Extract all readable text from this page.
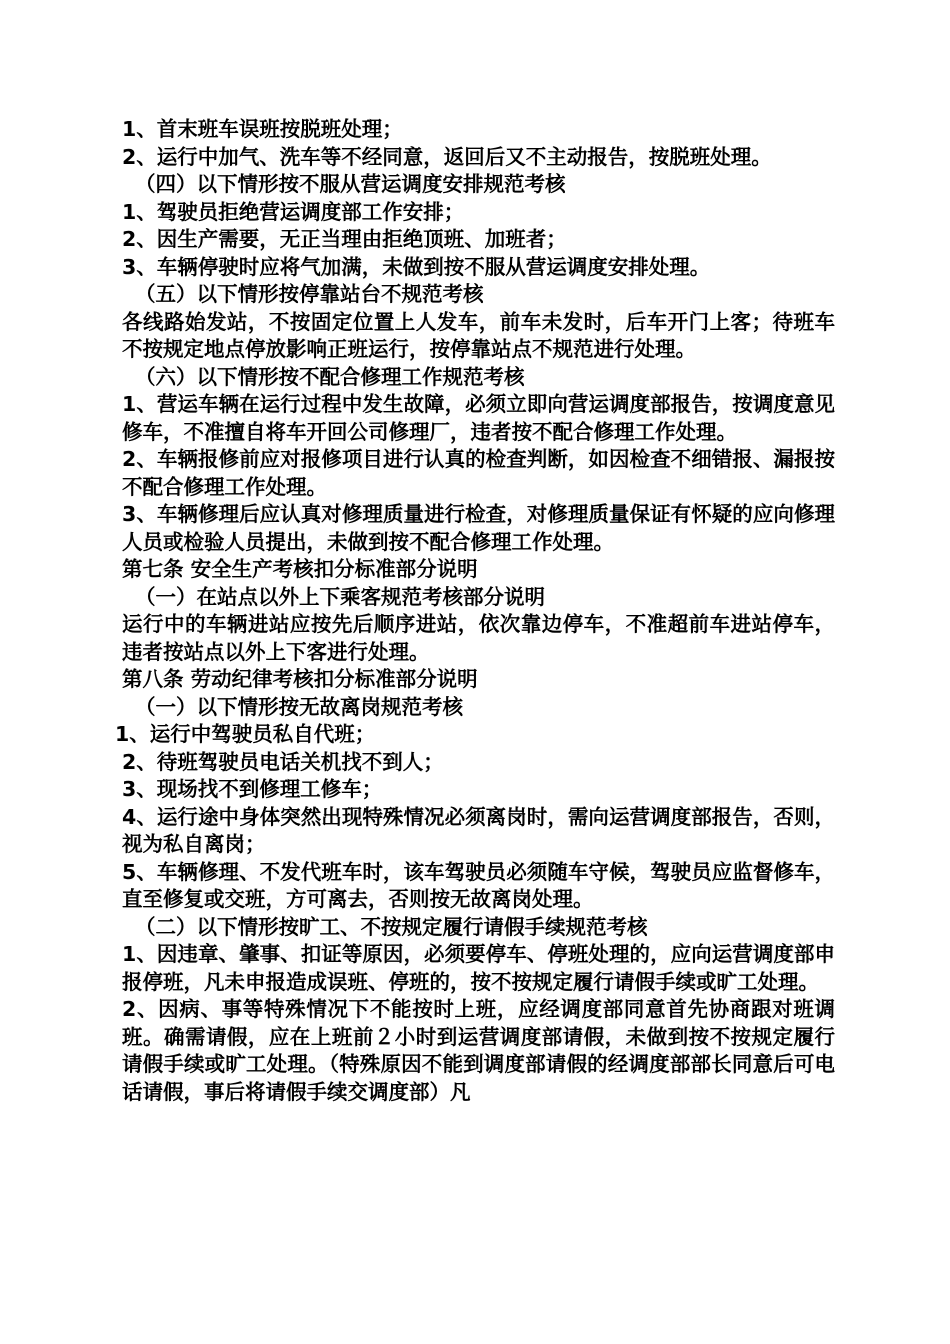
1、首末班车误班按脱班处理；

2、运行中加气、洗车等不经同意，返回后又不主动报告，按脱班处理。

（四）以下情形按不服从营运调度安排规范考核

1、驾驶员拒绝营运调度部工作安排；

2、因生产需要，无正当理由拒绝顶班、加班者；

3、车辆停驶时应将气加满，未做到按不服从营运调度安排处理。

（五）以下情形按停靠站台不规范考核

各线路始发站，不按固定位置上人发车，前车未发时，后车开门上客；待班车不按规定地点停放影响正班运行，按停靠站点不规范进行处理。

（六）以下情形按不配合修理工作规范考核

1、营运车辆在运行过程中发生故障，必须立即向营运调度部报告，按调度意见修车，不准擅自将车开回公司修理厂，违者按不配合修理工作处理。

2、车辆报修前应对报修项目进行认真的检查判断，如因检查不细错报、漏报按不配合修理工作处理。

3、车辆修理后应认真对修理质量进行检查，对修理质量保证有怀疑的应向修理人员或检验人员提出，未做到按不配合修理工作处理。

第七条 安全生产考核扣分标准部分说明

（一）在站点以外上下乘客规范考核部分说明

运行中的车辆进站应按先后顺序进站，依次靠边停车，不准超前车进站停车，违者按站点以外上下客进行处理。

第八条 劳动纪律考核扣分标准部分说明

（一）以下情形按无故离岗规范考核

1、运行中驾驶员私自代班；

2、待班驾驶员电话关机找不到人；

3、现场找不到修理工修车；

4、运行途中身体突然出现特殊情况必须离岗时，需向运营调度部报告，否则，视为私自离岗；

5、车辆修理、不发代班车时，该车驾驶员必须随车守候，驾驶员应监督修车，直至修复或交班，方可离去，否则按无故离岗处理。

（二）以下情形按旷工、不按规定履行请假手续规范考核

1、因违章、肇事、扣证等原因，必须要停车、停班处理的，应向运营调度部申报停班，凡未申报造成误班、停班的，按不按规定履行请假手续或旷工处理。

2、因病、事等特殊情况下不能按时上班，应经调度部同意首先协商跟对班调班。确需请假，应在上班前２小时到运营调度部请假，未做到按不按规定履行请假手续或旷工处理。（特殊原因不能到调度部请假的经调度部部长同意后可电话请假，事后将请假手续交调度部）凡
